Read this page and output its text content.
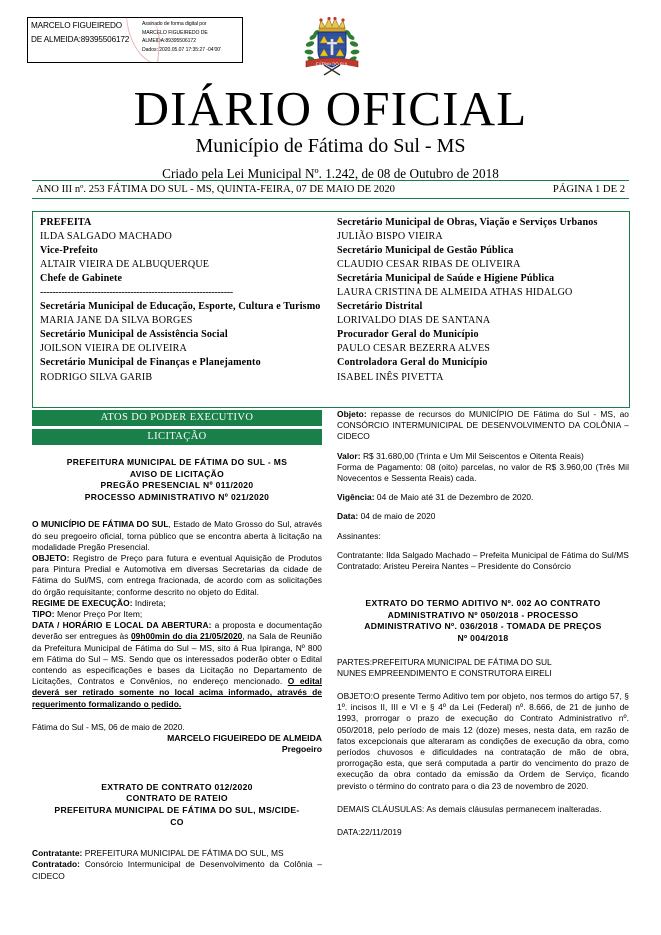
MARCELO FIGUEIREDO DE ALMEIDA:89395506172
Assinado de forma digital por
MARCELO FIGUEIREDO DE
ALMEIDA:89395506172
Dados: 2020.05.07 17:35:27 -04'00'
FÁTIMA DO SUL
DIÁRIO OFICIAL
Município de Fátima do Sul - MS
Criado pela Lei Municipal Nº. 1.242, de 08 de Outubro de 2018
ANO III nº. 253 FÁTIMA DO SUL - MS, QUINTA-FEIRA, 07 DE MAIO DE 2020	PÁGINA 1 DE 2
PREFEITA
ILDA SALGADO MACHADO
Vice-Prefeito
ALTAIR VIEIRA DE ALBUQUERQUE
Chefe de Gabinete
----------------------------------------------------------------
Secretária Municipal de Educação, Esporte, Cultura e Turismo
MARIA JANE DA SILVA BORGES
Secretário Municipal de Assistência Social
JOILSON VIEIRA DE OLIVEIRA
Secretário Municipal de Finanças e Planejamento
RODRIGO SILVA GARIB
Secretário Municipal de Obras, Viação e Serviços Urbanos
JULIÃO BISPO VIEIRA
Secretário Municipal de Gestão Pública
CLAUDIO CESAR RIBAS DE OLIVEIRA
Secretária Municipal de Saúde e Higiene Pública
LAURA CRISTINA DE ALMEIDA ATHAS HIDALGO
Secretário Distrital
LORIVALDO DIAS DE SANTANA
Procurador Geral do Município
PAULO CESAR BEZERRA ALVES
Controladora Geral do Município
ISABEL INÊS PIVETTA
ATOS DO PODER EXECUTIVO
LICITAÇÃO
PREFEITURA MUNICIPAL DE FÁTIMA DO SUL - MS
AVISO DE LICITAÇÃO
PREGÃO PRESENCIAL Nº 011/2020
PROCESSO ADMINISTRATIVO Nº 021/2020
O MUNICÍPIO DE FÁTIMA DO SUL, Estado de Mato Grosso do Sul, através do seu pregoeiro oficial, torna público que se encontra aberta à licitação na modalidade Pregão Presencial.
OBJETO: Registro de Preço para futura e eventual Aquisição de Produtos para Pintura Predial e Automotiva em diversas Secretarias da cidade de Fátima do Sul/MS, com entrega fracionada, de acordo com as solicitações do órgão requisitante; conforme descrito no objeto do Edital.
REGIME DE EXECUÇÃO: Indireta;
TIPO: Menor Preço Por Item;
DATA / HORÁRIO E LOCAL DA ABERTURA: a proposta e documentação deverão ser entregues às 09h00min do dia 21/05/2020, na Sala de Reunião da Prefeitura Municipal de Fátima do Sul – MS, sito á Rua Ipiranga, Nº 800 em Fátima do Sul – MS. Sendo que os interessados poderão obter o Edital contendo as especificações e bases da Licitação no Departamento de Licitações, Contratos e Convênios, no endereço mencionado. O edital deverá ser retirado somente no local acima informado, através de requerimento formalizando o pedido.
Fátima do Sul - MS, 06 de maio de 2020.
MARCELO FIGUEIREDO DE ALMEIDA
Pregoeiro
EXTRATO DE CONTRATO 012/2020
CONTRATO DE RATEIO
PREFEITURA MUNICIPAL DE FÁTIMA DO SUL, MS/CIDE-
CO
Contratante: PREFEITURA MUNICIPAL DE FÁTIMA DO SUL, MS
Contratado: Consórcio Intermunicipal de Desenvolvimento da Colônia – CIDECO
Objeto: repasse de recursos do MUNICÍPIO DE Fátima do Sul - MS, ao CONSÓRCIO INTERMUNICIPAL DE DESENVOLVIMENTO DA COLÔNIA – CIDECO
Valor: R$ 31.680,00 (Trinta e Um Mil Seiscentos e Oitenta Reais)
Forma de Pagamento: 08 (oito) parcelas, no valor de R$ 3.960,00 (Três Mil Novecentos e Sessenta Reais) cada.
Vigência: 04 de Maio até 31 de Dezembro de 2020.
Data: 04 de maio de 2020
Assinantes:
Contratante: Ilda Salgado Machado – Prefeita Municipal de Fátima do Sul/MS
Contratado: Aristeu Pereira Nantes – Presidente do Consórcio
EXTRATO DO TERMO ADITIVO Nº. 002 AO CONTRATO
ADMINISTRATIVO Nº 050/2018 - PROCESSO
ADMINISTRATIVO Nº. 036/2018 - TOMADA DE PREÇOS
Nº 004/2018
PARTES:PREFEITURA MUNICIPAL DE FÁTIMA DO SUL
NUNES EMPREENDIMENTO E CONSTRUTORA EIRELI
OBJETO:O presente Termo Aditivo tem por objeto, nos termos do artigo 57, § 1º. incisos II, III e VI e § 4º da Lei (Federal) nº. 8.666, de 21 de junho de 1993, prorrogar o prazo de execução do Contrato Administrativo nº. 050/2018, pelo período de mais 12 (doze) meses, nesta data, em razão de fatos excepcionais que alteraram as condições de execução da obra, como períodos chuvosos e dificuldades na contratação de mão de obra, prorrogação esta, que será computada a partir do vencimento do prazo de execução da obra contado da emissão da Ordem de Serviço, ficando previsto o término do contrato para o dia 23 de novembro de 2020.
DEMAIS CLÁUSULAS: As demais cláusulas permanecem inalteradas.
DATA:22/11/2019
